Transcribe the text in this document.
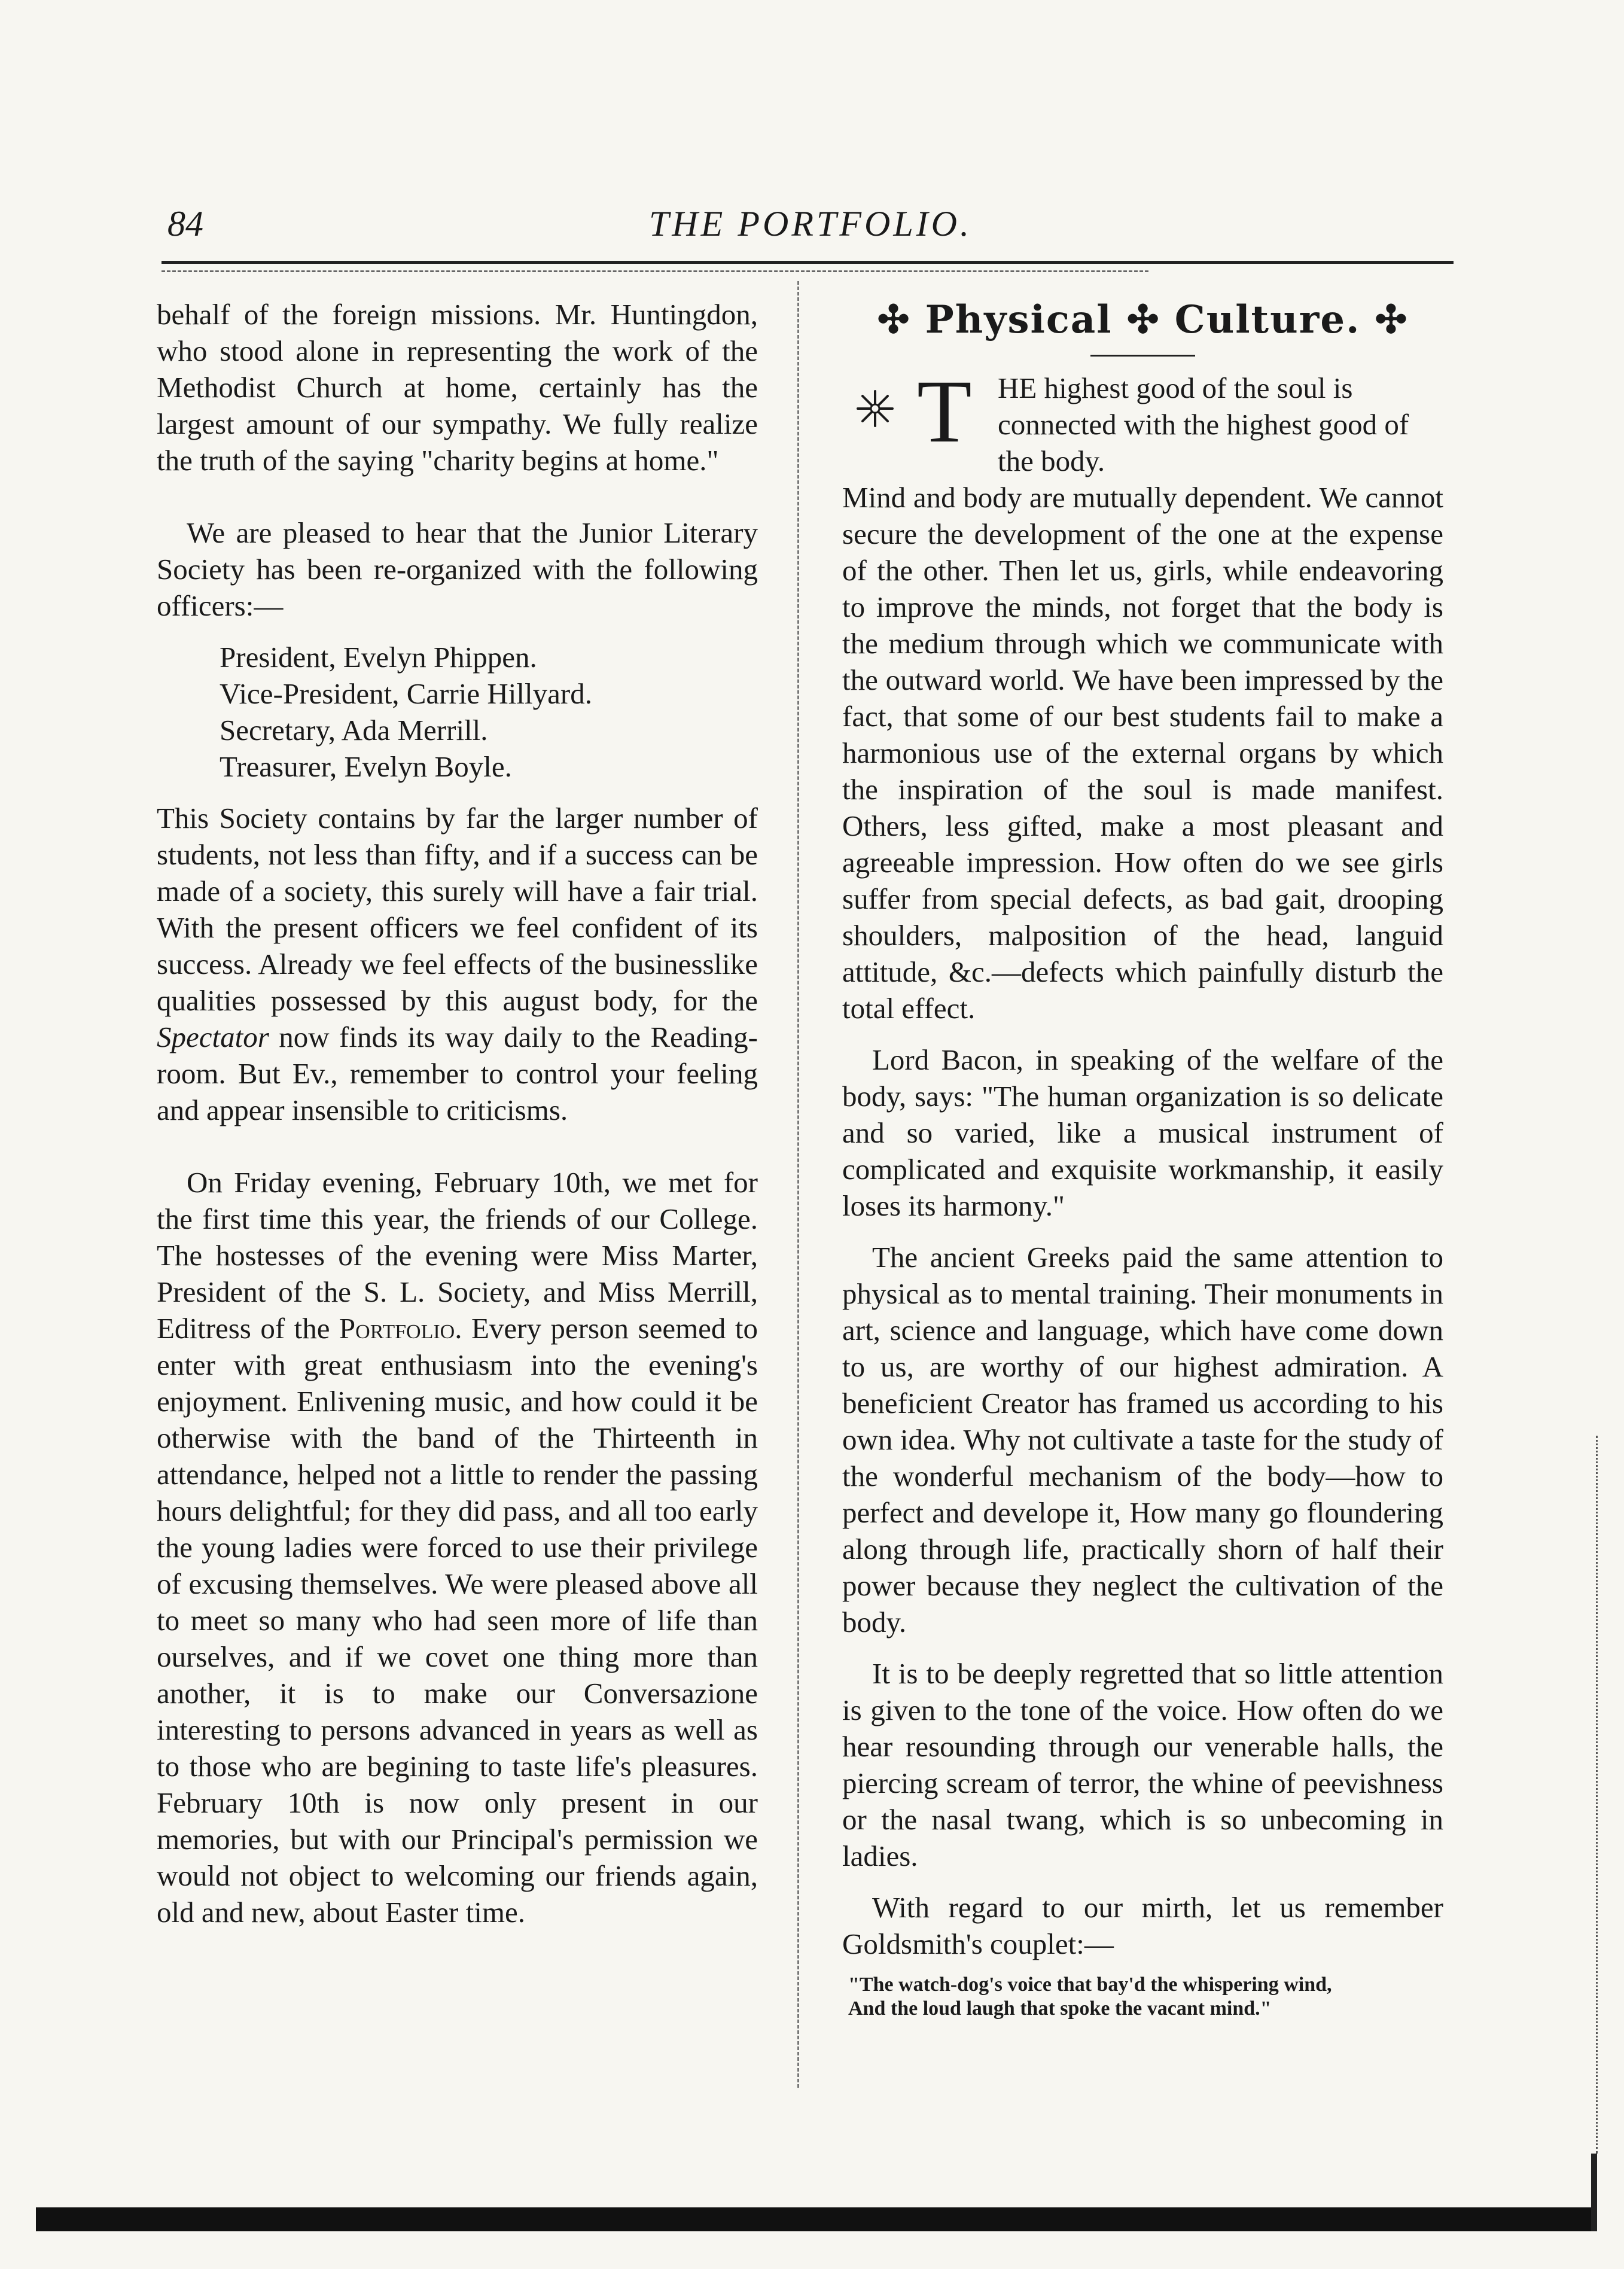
84	THE PORTFOLIO.

behalf of the foreign missions. Mr. Huntingdon, who stood alone in representing the work of the Methodist Church at home, certainly has the largest amount of our sympathy. We fully realize the truth of the saying "charity begins at home."

We are pleased to hear that the Junior Literary Society has been re-organized with the following officers:—

President, Evelyn Phippen.
Vice-President, Carrie Hillyard.
Secretary, Ada Merrill.
Treasurer, Evelyn Boyle.

This Society contains by far the larger number of students, not less than fifty, and if a success can be made of a society, this surely will have a fair trial. With the present officers we feel confident of its success. Already we feel effects of the businesslike qualities possessed by this august body, for the Spectator now finds its way daily to the Reading-room. But Ev., remember to control your feeling and appear insensible to criticisms.

On Friday evening, February 10th, we met for the first time this year, the friends of our College. The hostesses of the evening were Miss Marter, President of the S. L. Society, and Miss Merrill, Editress of the Portfolio. Every person seemed to enter with great enthusiasm into the evening's enjoyment. Enlivening music, and how could it be otherwise with the band of the Thirteenth in attendance, helped not a little to render the passing hours delightful; for they did pass, and all too early the young ladies were forced to use their privilege of excusing themselves. We were pleased above all to meet so many who had seen more of life than ourselves, and if we covet one thing more than another, it is to make our Conversazione interesting to persons advanced in years as well as to those who are begining to taste life's pleasures. February 10th is now only present in our memories, but with our Principal's permission we would not object to welcoming our friends again, old and new, about Easter time.

✣ Physical ✣ Culture. ✣
T HE highest good of the soul is connected with the highest good of the body.

Mind and body are mutually dependent. We cannot secure the development of the one at the expense of the other. Then let us, girls, while endeavoring to improve the minds, not forget that the body is the medium through which we communicate with the outward world. We have been impressed by the fact, that some of our best students fail to make a harmonious use of the external organs by which the inspiration of the soul is made manifest. Others, less gifted, make a most pleasant and agreeable impression. How often do we see girls suffer from special defects, as bad gait, drooping shoulders, malposition of the head, languid attitude, &c.—defects which painfully disturb the total effect.

Lord Bacon, in speaking of the welfare of the body, says: "The human organization is so delicate and so varied, like a musical instrument of complicated and exquisite workmanship, it easily loses its harmony."

The ancient Greeks paid the same attention to physical as to mental training. Their monuments in art, science and language, which have come down to us, are worthy of our highest admiration. A beneficient Creator has framed us according to his own idea. Why not cultivate a taste for the study of the wonderful mechanism of the body—how to perfect and develope it, How many go floundering along through life, practically shorn of half their power because they neglect the cultivation of the body.

It is to be deeply regretted that so little attention is given to the tone of the voice. How often do we hear resounding through our venerable halls, the piercing scream of terror, the whine of peevishness or the nasal twang, which is so unbecoming in ladies.

With regard to our mirth, let us remember Goldsmith's couplet:—

"The watch-dog's voice that bay'd the whispering wind,
And the loud laugh that spoke the vacant mind."
